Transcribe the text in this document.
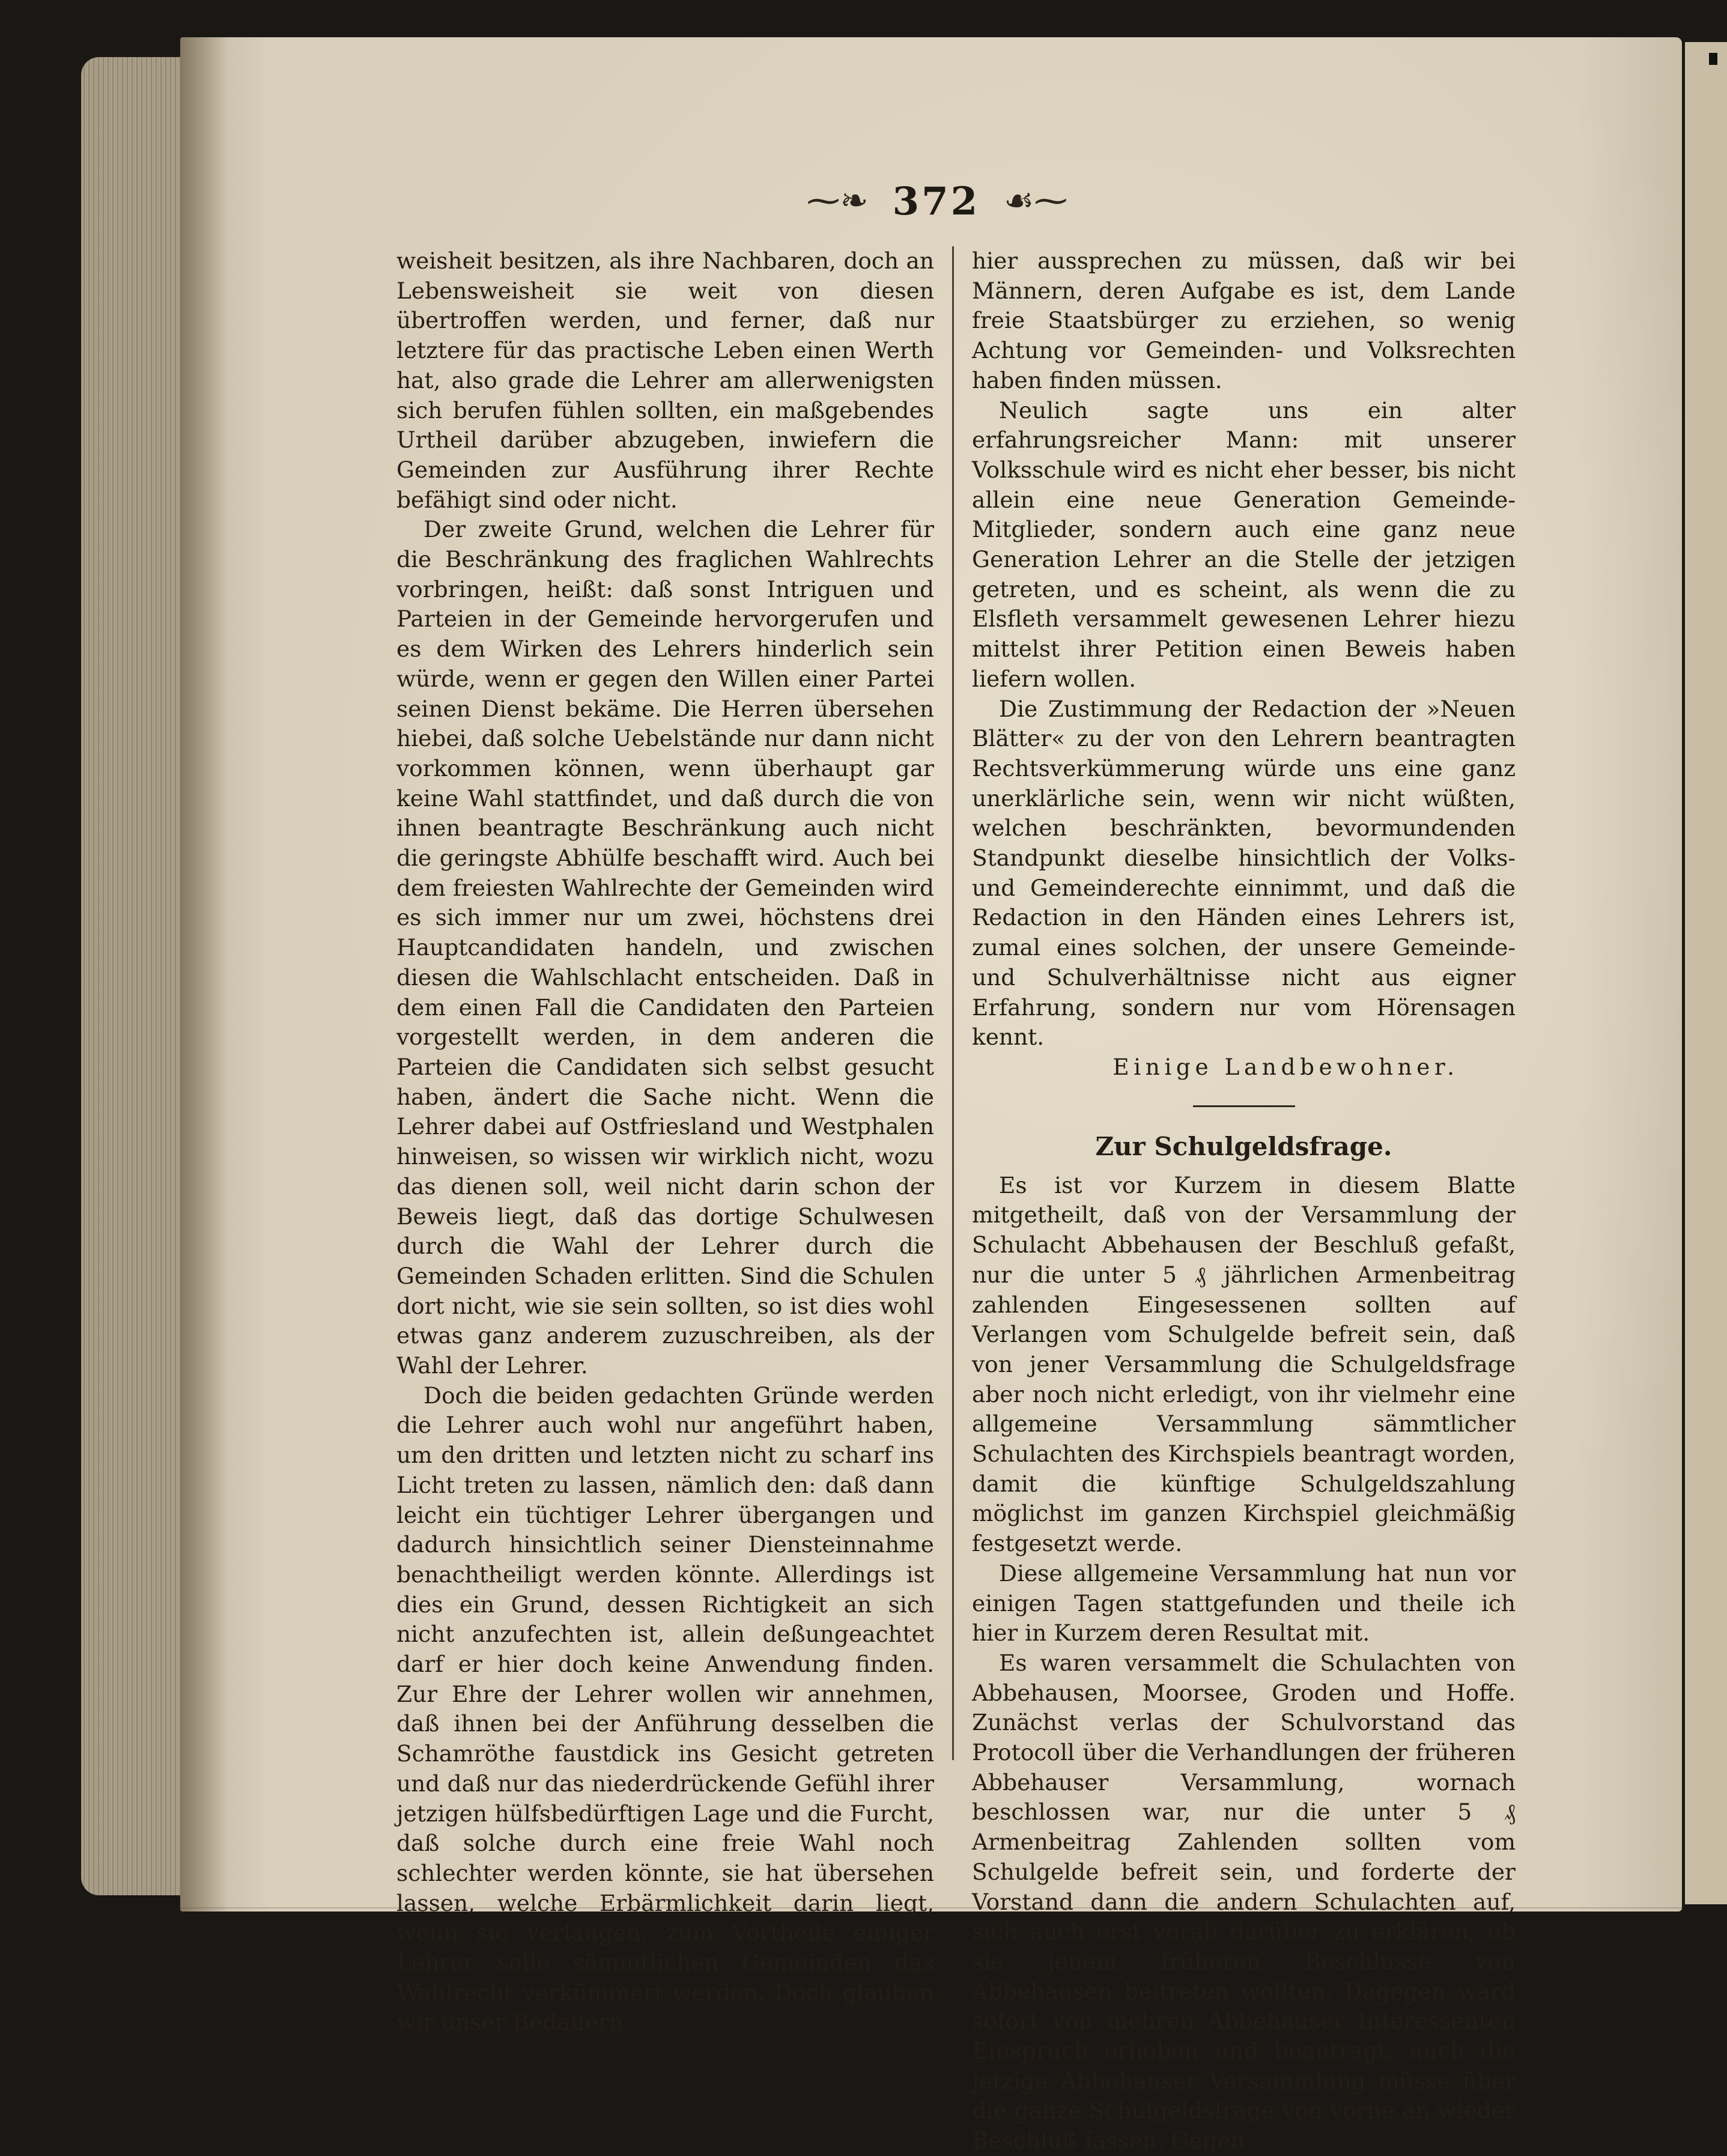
⁓❧ 372 ☙⁓

weisheit besitzen, als ihre Nachbaren, doch an Lebensweisheit sie weit von diesen übertroffen werden, und ferner, daß nur letztere für das practische Leben einen Werth hat, also grade die Lehrer am allerwenigsten sich berufen fühlen sollten, ein maßgebendes Urtheil darüber abzugeben, inwiefern die Gemeinden zur Ausführung ihrer Rechte befähigt sind oder nicht.

Der zweite Grund, welchen die Lehrer für die Beschränkung des fraglichen Wahlrechts vorbringen, heißt: daß sonst Intriguen und Parteien in der Gemeinde hervorgerufen und es dem Wirken des Lehrers hinderlich sein würde, wenn er gegen den Willen einer Partei seinen Dienst bekäme. Die Herren übersehen hiebei, daß solche Uebelstände nur dann nicht vorkommen können, wenn überhaupt gar keine Wahl stattfindet, und daß durch die von ihnen beantragte Beschränkung auch nicht die geringste Abhülfe beschafft wird. Auch bei dem freiesten Wahlrechte der Gemeinden wird es sich immer nur um zwei, höchstens drei Hauptcandidaten handeln, und zwischen diesen die Wahlschlacht entscheiden. Daß in dem einen Fall die Candidaten den Parteien vorgestellt werden, in dem anderen die Parteien die Candidaten sich selbst gesucht haben, ändert die Sache nicht. Wenn die Lehrer dabei auf Ostfriesland und Westphalen hinweisen, so wissen wir wirklich nicht, wozu das dienen soll, weil nicht darin schon der Beweis liegt, daß das dortige Schulwesen durch die Wahl der Lehrer durch die Gemeinden Schaden erlitten. Sind die Schulen dort nicht, wie sie sein sollten, so ist dies wohl etwas ganz anderem zuzuschreiben, als der Wahl der Lehrer.

Doch die beiden gedachten Gründe werden die Lehrer auch wohl nur angeführt haben, um den dritten und letzten nicht zu scharf ins Licht treten zu lassen, nämlich den: daß dann leicht ein tüchtiger Lehrer übergangen und dadurch hinsichtlich seiner Diensteinnahme benachtheiligt werden könnte. Allerdings ist dies ein Grund, dessen Richtigkeit an sich nicht anzufechten ist, allein deßungeachtet darf er hier doch keine Anwendung finden. Zur Ehre der Lehrer wollen wir annehmen, daß ihnen bei der Anführung desselben die Schamröthe faustdick ins Gesicht getreten und daß nur das niederdrückende Gefühl ihrer jetzigen hülfsbedürftigen Lage und die Furcht, daß solche durch eine freie Wahl noch schlechter werden könnte, sie hat übersehen lassen, welche Erbärmlichkeit darin liegt, wenn sie verlangen, zum Vortheile einiger Lehrer solle sämmtlichen Gemeinden das Wahlrecht verkümmert werden. Doch glauben wir unser Bedauern

hier aussprechen zu müssen, daß wir bei Männern, deren Aufgabe es ist, dem Lande freie Staatsbürger zu erziehen, so wenig Achtung vor Gemeinden- und Volksrechten haben finden müssen.

Neulich sagte uns ein alter erfahrungsreicher Mann: mit unserer Volksschule wird es nicht eher besser, bis nicht allein eine neue Generation Gemeinde-Mitglieder, sondern auch eine ganz neue Generation Lehrer an die Stelle der jetzigen getreten, und es scheint, als wenn die zu Elsfleth versammelt gewesenen Lehrer hiezu mittelst ihrer Petition einen Beweis haben liefern wollen.

Die Zustimmung der Redaction der »Neuen Blätter« zu der von den Lehrern beantragten Rechtsverkümmerung würde uns eine ganz unerklärliche sein, wenn wir nicht wüßten, welchen beschränkten, bevormundenden Standpunkt dieselbe hinsichtlich der Volks- und Gemeinderechte einnimmt, und daß die Redaction in den Händen eines Lehrers ist, zumal eines solchen, der unsere Gemeinde- und Schulverhältnisse nicht aus eigner Erfahrung, sondern nur vom Hörensagen kennt.

Einige Landbewohner.

Zur Schulgeldsfrage.

Es ist vor Kurzem in diesem Blatte mitgetheilt, daß von der Versammlung der Schulacht Abbehausen der Beschluß gefaßt, nur die unter 5 ₰ jährlichen Armenbeitrag zahlenden Eingesessenen sollten auf Verlangen vom Schulgelde befreit sein, daß von jener Versammlung die Schulgeldsfrage aber noch nicht erledigt, von ihr vielmehr eine allgemeine Versammlung sämmtlicher Schulachten des Kirchspiels beantragt worden, damit die künftige Schulgeldszahlung möglichst im ganzen Kirchspiel gleichmäßig festgesetzt werde.

Diese allgemeine Versammlung hat nun vor einigen Tagen stattgefunden und theile ich hier in Kurzem deren Resultat mit.

Es waren versammelt die Schulachten von Abbehausen, Moorsee, Groden und Hoffe. Zunächst verlas der Schulvorstand das Protocoll über die Verhandlungen der früheren Abbehauser Versammlung, wornach beschlossen war, nur die unter 5 ₰ Armenbeitrag Zahlenden sollten vom Schulgelde befreit sein, und forderte der Vorstand dann die andern Schulachten auf, sich auch erst vorab darüber zu erklären, ob sie jenem früheren Beschlusse von Abbehausen beitreten wollten. Dagegen ward sofort von mehren Abbehauser Interessenten Einspruch erhoben und beantragt, auch die jetzige Abbehauser Versammlung müsse über die ganze Schulgeldsfrage von vorne an wieder Beschluß fassen. Gegen
